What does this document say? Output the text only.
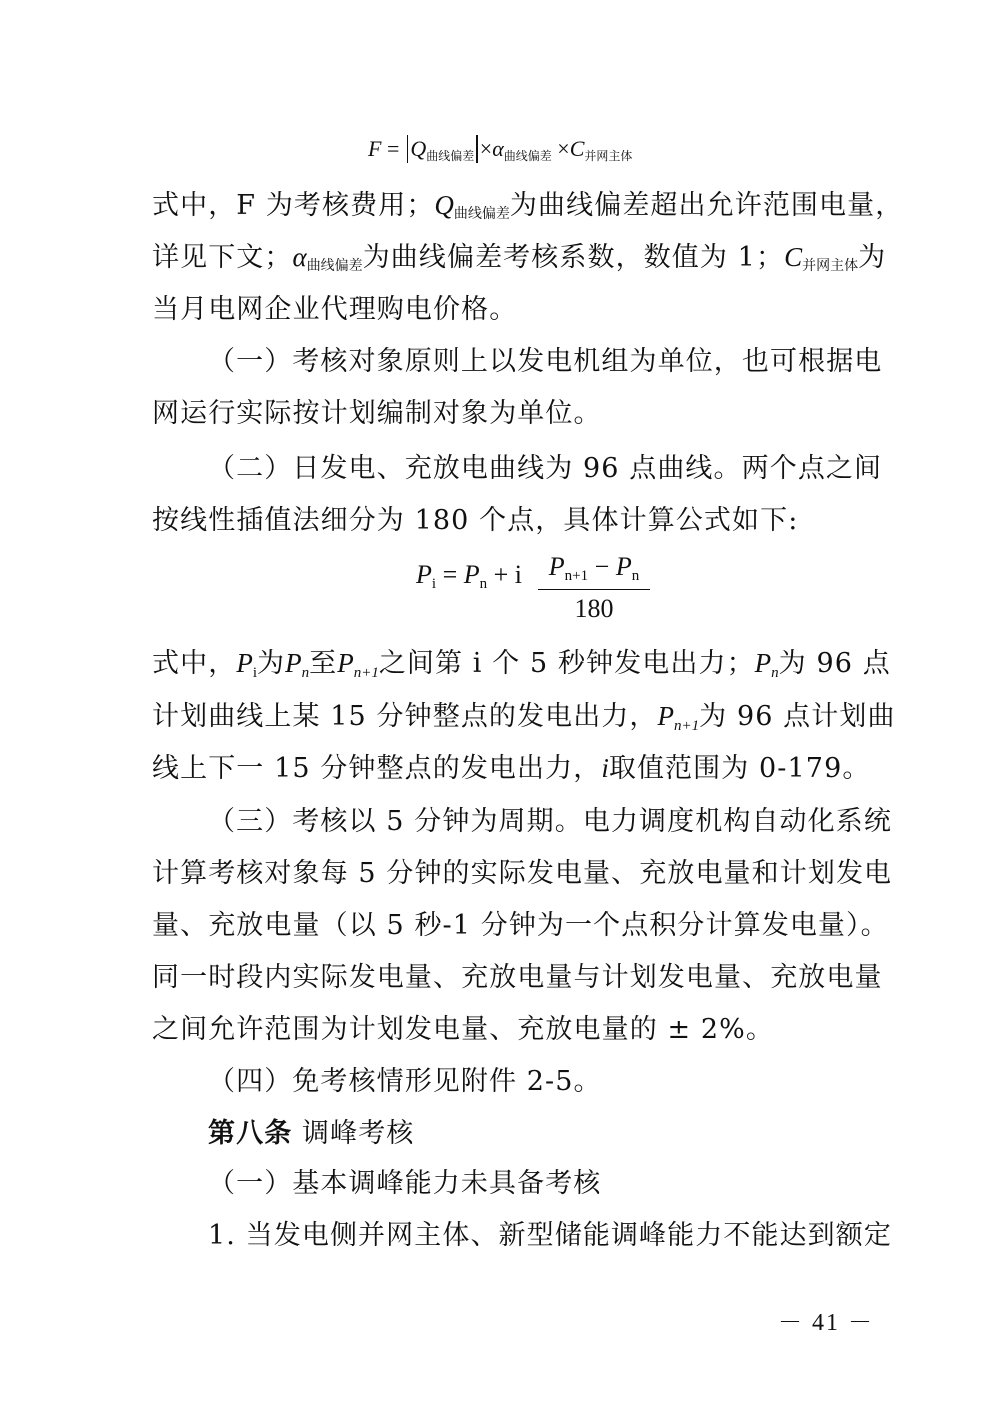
$F = Q_{曲线偏差} \times\alpha_{曲线偏差} \times C_{并网主体}$
式中，F 为考核费用；$Q_{曲线偏差}$为曲线偏差超出允许范围电量，
详见下文；$\alpha_{曲线偏差}$为曲线偏差考核系数，数值为 1；$C_{并网主体}$为
当月电网企业代理购电价格。
（一）考核对象原则上以发电机组为单位，也可根据电
网运行实际按计划编制对象为单位。
（二）日发电、充放电曲线为 96 点曲线。两个点之间
按线性插值法细分为 180 个点，具体计算公式如下:
Pi = Pn + i $\frac{Pn+1 - Pn}{180}$
式中，Pi为Pn至Pn+1之间第 i 个 5 秒钟发电出力；Pn为 96 点
计划曲线上某 15 分钟整点的发电出力，Pn+1为 96 点计划曲
线上下一 15 分钟整点的发电出力，i取值范围为 0-179。
（三）考核以 5 分钟为周期。电力调度机构自动化系统
计算考核对象每 5 分钟的实际发电量、充放电量和计划发电
量、充放电量（以 5 秒-1 分钟为一个点积分计算发电量）。
同一时段内实际发电量、充放电量与计划发电量、充放电量
之间允许范围为计划发电量、充放电量的 ± 2%。
（四）免考核情形见附件 2-5。
第八条 调峰考核
（一）基本调峰能力未具备考核
1. 当发电侧并网主体、新型储能调峰能力不能达到额定
－ 41 －
